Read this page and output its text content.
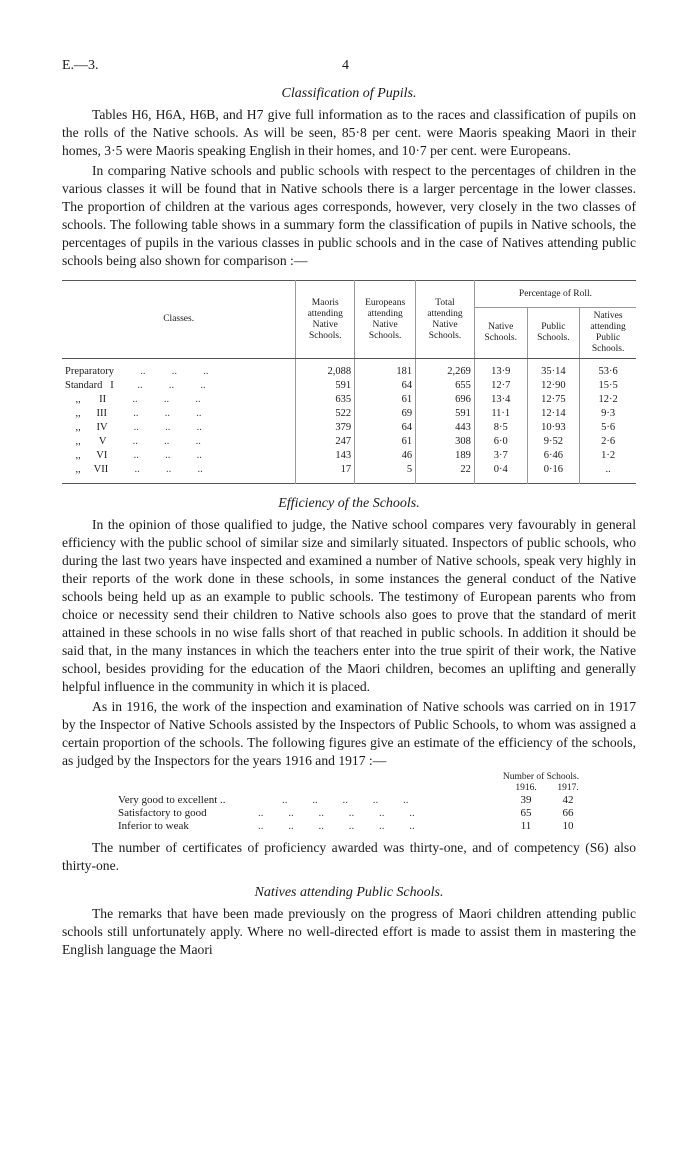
E.—3.	4
Classification of Pupils.

Tables H6, H6A, H6B, and H7 give full information as to the races and classification of pupils on the rolls of the Native schools. As will be seen, 85·8 per cent. were Maoris speaking Maori in their homes, 3·5 were Maoris speaking English in their homes, and 10·7 per cent. were Europeans.

In comparing Native schools and public schools with respect to the percentages of children in the various classes it will be found that in Native schools there is a larger percentage in the lower classes. The proportion of children at the various ages corresponds, however, very closely in the two classes of schools. The following table shows in a summary form the classification of pupils in Native schools, the percentages of pupils in the various classes in public schools and in the case of Natives attending public schools being also shown for comparison :—

Classes.	Maoris attending Native Schools.	Europeans attending Native Schools.	Total attending Native Schools.	Percentage of Roll.		
				Native Schools.	Public Schools.	Natives attending Public Schools.
Preparatory          ..          ..          ..	2,088	181	2,269	13·9	35·14	53·6
Standard   I         ..          ..          ..	591	64	655	12·7	12·90	15·5
,,       II          ..          ..          ..	635	61	696	13·4	12·75	12·2
,,      III          ..          ..          ..	522	69	591	11·1	12·14	9·3
,,      IV          ..          ..          ..	379	64	443	8·5	10·93	5·6
,,       V          ..          ..          ..	247	61	308	6·0	9·52	2·6
,,      VI          ..          ..          ..	143	46	189	3·7	6·46	1·2
,,     VII          ..          ..          ..	17	5	22	0·4	0·16	..
Efficiency of the Schools.

In the opinion of those qualified to judge, the Native school compares very favourably in general efficiency with the public school of similar size and similarly situated. Inspectors of public schools, who during the last two years have inspected and examined a number of Native schools, speak very highly in their reports of the work done in these schools, in some instances the general conduct of the Native schools being held up as an example to public schools. The testimony of European parents who from choice or necessity send their children to Native schools also goes to prove that the standard of merit attained in these schools in no wise falls short of that reached in public schools. In addition it should be said that, in the many instances in which the teachers enter into the true spirit of their work, the Native school, besides providing for the education of the Maori children, becomes an uplifting and generally helpful influence in the community in which it is placed.

As in 1916, the work of the inspection and examination of Native schools was carried on in 1917 by the Inspector of Native Schools assisted by the Inspectors of Public Schools, to whom was assigned a certain proportion of the schools. The following figures give an estimate of the efficiency of the schools, as judged by the Inspectors for the years 1916 and 1917 :—

Number of Schools.
1916.	1917.
Very good to excellent ..	..         ..         ..         ..         ..	39	42
Satisfactory to good	..         ..         ..         ..         ..         ..	65	66
Inferior to weak	..         ..         ..         ..         ..         ..	11	10

The number of certificates of proficiency awarded was thirty-one, and of competency (S6) also thirty-one.

Natives attending Public Schools.

The remarks that have been made previously on the progress of Maori children attending public schools still unfortunately apply. Where no well-directed effort is made to assist them in mastering the English language the Maori
